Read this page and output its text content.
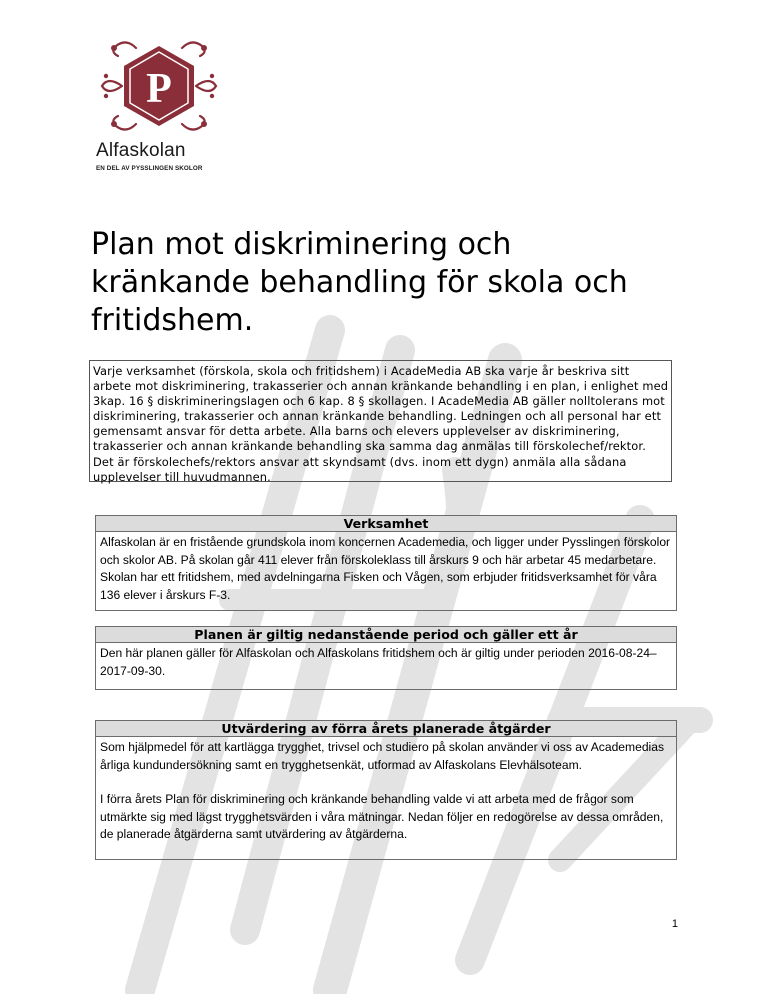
P
Alfaskolan
EN DEL AV PYSSLINGEN SKOLOR
Plan mot diskriminering och
kränkande behandling för skola och
fritidshem.
Varje verksamhet (förskola, skola och fritidshem) i AcadeMedia AB ska varje år beskriva sitt arbete mot diskriminering, trakasserier och annan kränkande behandling i en plan, i enlighet med 3kap. 16 § diskrimineringslagen och 6 kap. 8 § skollagen. I AcadeMedia AB gäller nolltolerans mot diskriminering, trakasserier och annan kränkande behandling. Ledningen och all personal har ett gemensamt ansvar för detta arbete. Alla barns och elevers upplevelser av diskriminering, trakasserier och annan kränkande behandling ska samma dag anmälas till förskolechef/rektor. Det är förskolechefs/rektors ansvar att skyndsamt (dvs. inom ett dygn) anmäla alla sådana upplevelser till huvudmannen.
Verksamhet

Alfaskolan är en fristående grundskola inom koncernen Academedia, och ligger under Pysslingen förskolor och skolor AB. På skolan går 411 elever från förskoleklass till årskurs 9 och här arbetar 45 medarbetare. Skolan har ett fritidshem, med avdelningarna Fisken och Vågen, som erbjuder fritidsverksamhet för våra 136 elever i årskurs F-3.

Planen är giltig nedanstående period och gäller ett år

Den här planen gäller för Alfaskolan och Alfaskolans fritidshem och är giltig under perioden 2016-08-24– 2017-09-30.

Utvärdering av förra årets planerade åtgärder

Som hjälpmedel för att kartlägga trygghet, trivsel och studiero på skolan använder vi oss av Academedias årliga kundundersökning samt en trygghetsenkät, utformad av Alfaskolans Elevhälsoteam.

I förra årets Plan för diskriminering och kränkande behandling valde vi att arbeta med de frågor som utmärkte sig med lägst trygghetsvärden i våra mätningar. Nedan följer en redogörelse av dessa områden, de planerade åtgärderna samt utvärdering av åtgärderna.

1
